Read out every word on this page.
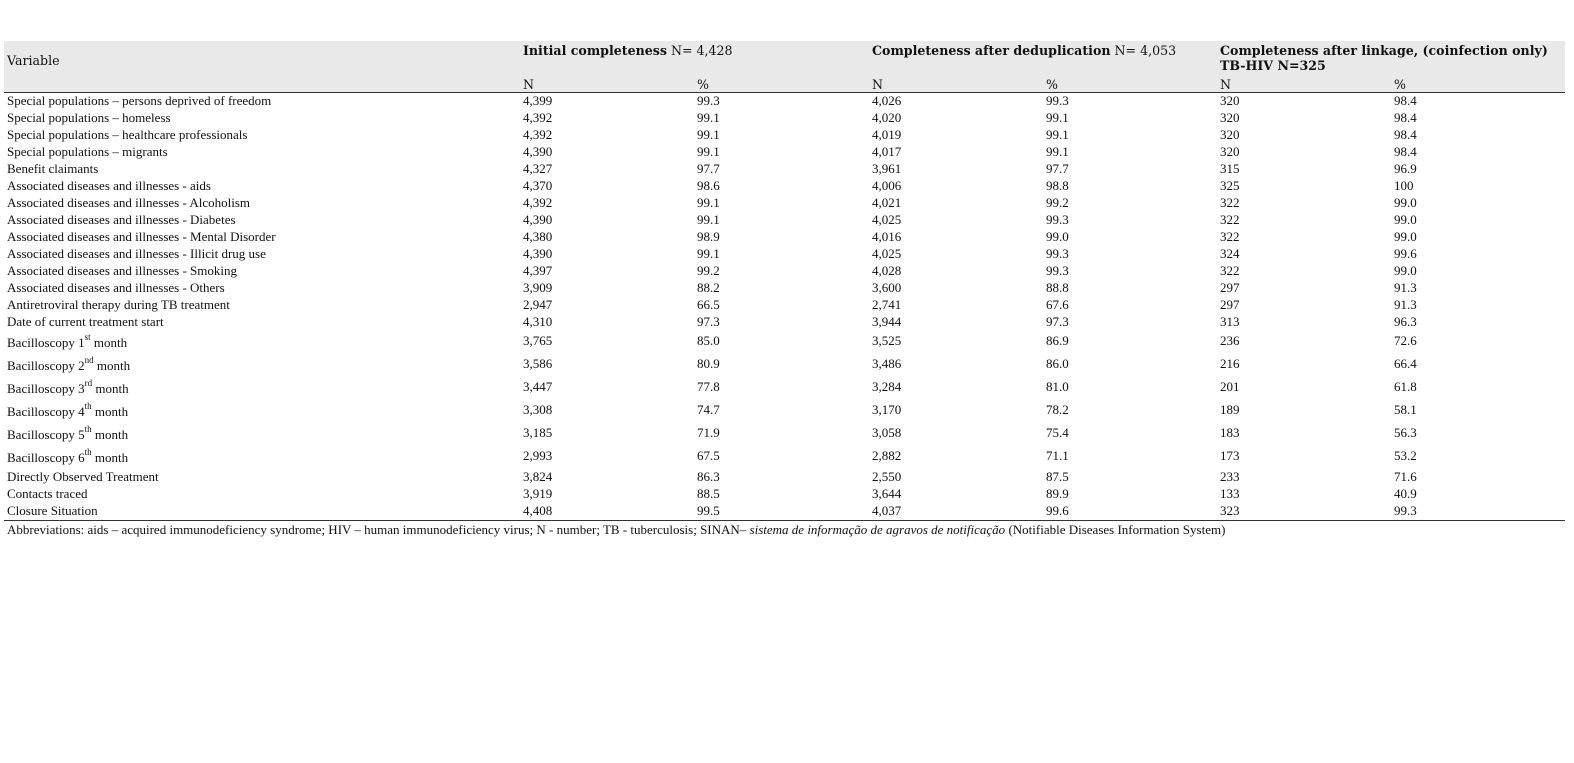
Variable	Initial completeness N= 4,428		Completeness after deduplication N= 4,053		Completeness after linkage, (coinfection only)
TB-HIV N=325	

	N	%	N	%	N	%
Special populations – persons deprived of freedom	4,399	99.3	4,026	99.3	320	98.4
Special populations – homeless	4,392	99.1	4,020	99.1	320	98.4
Special populations – healthcare professionals	4,392	99.1	4,019	99.1	320	98.4
Special populations – migrants	4,390	99.1	4,017	99.1	320	98.4
Benefit claimants	4,327	97.7	3,961	97.7	315	96.9
Associated diseases and illnesses - aids	4,370	98.6	4,006	98.8	325	100
Associated diseases and illnesses - Alcoholism	4,392	99.1	4,021	99.2	322	99.0
Associated diseases and illnesses - Diabetes	4,390	99.1	4,025	99.3	322	99.0
Associated diseases and illnesses - Mental Disorder	4,380	98.9	4,016	99.0	322	99.0
Associated diseases and illnesses - Illicit drug use	4,390	99.1	4,025	99.3	324	99.6
Associated diseases and illnesses - Smoking	4,397	99.2	4,028	99.3	322	99.0
Associated diseases and illnesses - Others	3,909	88.2	3,600	88.8	297	91.3
Antiretroviral therapy during TB treatment	2,947	66.5	2,741	67.6	297	91.3
Date of current treatment start	4,310	97.3	3,944	97.3	313	96.3
Bacilloscopy 1st month	3,765	85.0	3,525	86.9	236	72.6
Bacilloscopy 2nd month	3,586	80.9	3,486	86.0	216	66.4
Bacilloscopy 3rd month	3,447	77.8	3,284	81.0	201	61.8
Bacilloscopy 4th month	3,308	74.7	3,170	78.2	189	58.1
Bacilloscopy 5th month	3,185	71.9	3,058	75.4	183	56.3
Bacilloscopy 6th month	2,993	67.5	2,882	71.1	173	53.2
Directly Observed Treatment	3,824	86.3	2,550	87.5	233	71.6
Contacts traced	3,919	88.5	3,644	89.9	133	40.9
Closure Situation	4,408	99.5	4,037	99.6	323	99.3
Abbreviations: aids – acquired immunodeficiency syndrome; HIV – human immunodeficiency virus; N - number; TB - tuberculosis; SINAN– sistema de informação de agravos de notificação (Notifiable Diseases Information System)
